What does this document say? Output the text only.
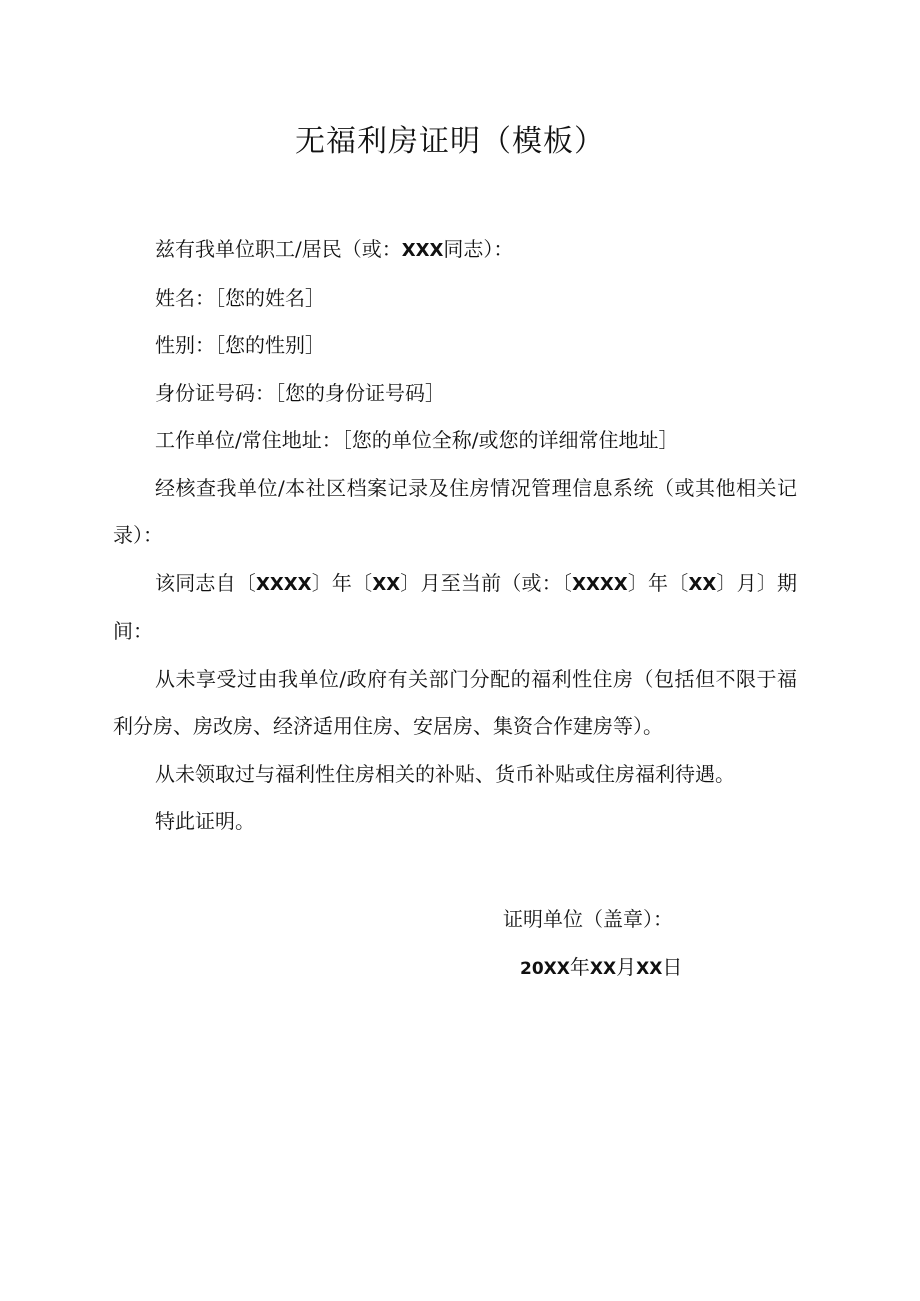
无福利房证明（模板）

兹有我单位职工/居民（或：XXX同志）：

姓名：［您的姓名］

性别：［您的性别］

身份证号码：［您的身份证号码］

工作单位/常住地址：［您的单位全称/或您的详细常住地址］

经核查我单位/本社区档案记录及住房情况管理信息系统（或其他相关记录）：

该同志自〔XXXX〕年〔XX〕月至当前（或：〔XXXX〕年〔XX〕月〕期间：

从未享受过由我单位/政府有关部门分配的福利性住房（包括但不限于福利分房、房改房、经济适用住房、安居房、集资合作建房等）。

从未领取过与福利性住房相关的补贴、货币补贴或住房福利待遇。

特此证明。

证明单位（盖章）：
20XX年XX月XX日
